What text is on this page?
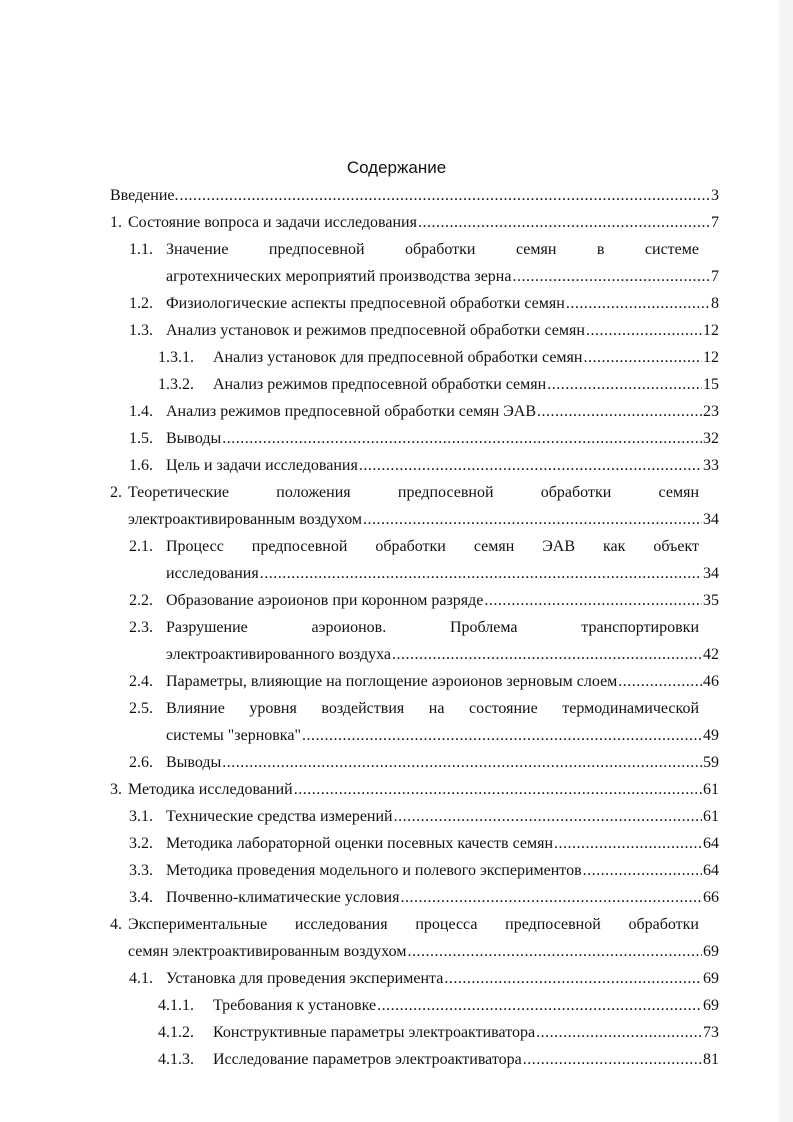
Содержание
Введение. .....	3
1. Состояние вопроса и задачи исследования .....	7
1.1. Значение предпосевной обработки семян в системе
агротехнических мероприятий производства зерна .....	7
1.2. Физиологические аспекты предпосевной обработки семян .....	8
1.3. Анализ установок и режимов предпосевной обработки семян .....	12
1.3.1.	Анализ установок для предпосевной обработки семян .....	12
1.3.2.	Анализ режимов предпосевной обработки семян .....	15
1.4. Анализ режимов предпосевной обработки семян ЭАВ .....	23
1.5. Выводы .....	32
1.6. Цель и задачи исследования .....	33
2. Теоретические положения предпосевной обработки семян
электроактивированным воздухом .....	34
2.1. Процесс предпосевной обработки семян ЭАВ как объект
исследования .....	34
2.2. Образование аэроионов при коронном разряде .....	35
2.3. Разрушение аэроионов. Проблема транспортировки
электроактивированного воздуха .....	42
2.4. Параметры, влияющие на поглощение аэроионов зерновым слоем .....	46
2.5. Влияние уровня воздействия на состояние термодинамической
системы "зерновка" .....	49
2.6. Выводы .....	59
3. Методика исследований .....	61
3.1. Технические средства измерений .....	61
3.2. Методика лабораторной оценки посевных качеств семян .....	64
3.3. Методика проведения модельного и полевого экспериментов .....	64
3.4. Почвенно-климатические условия .....	66
4. Экспериментальные исследования процесса предпосевной обработки
семян электроактивированным воздухом .....	69
4.1. Установка для проведения эксперимента .....	69
4.1.1.	Требования к установке .....	69
4.1.2.	Конструктивные параметры электроактиватора .....	73
4.1.3.	Исследование параметров электроактиватора .....	81
